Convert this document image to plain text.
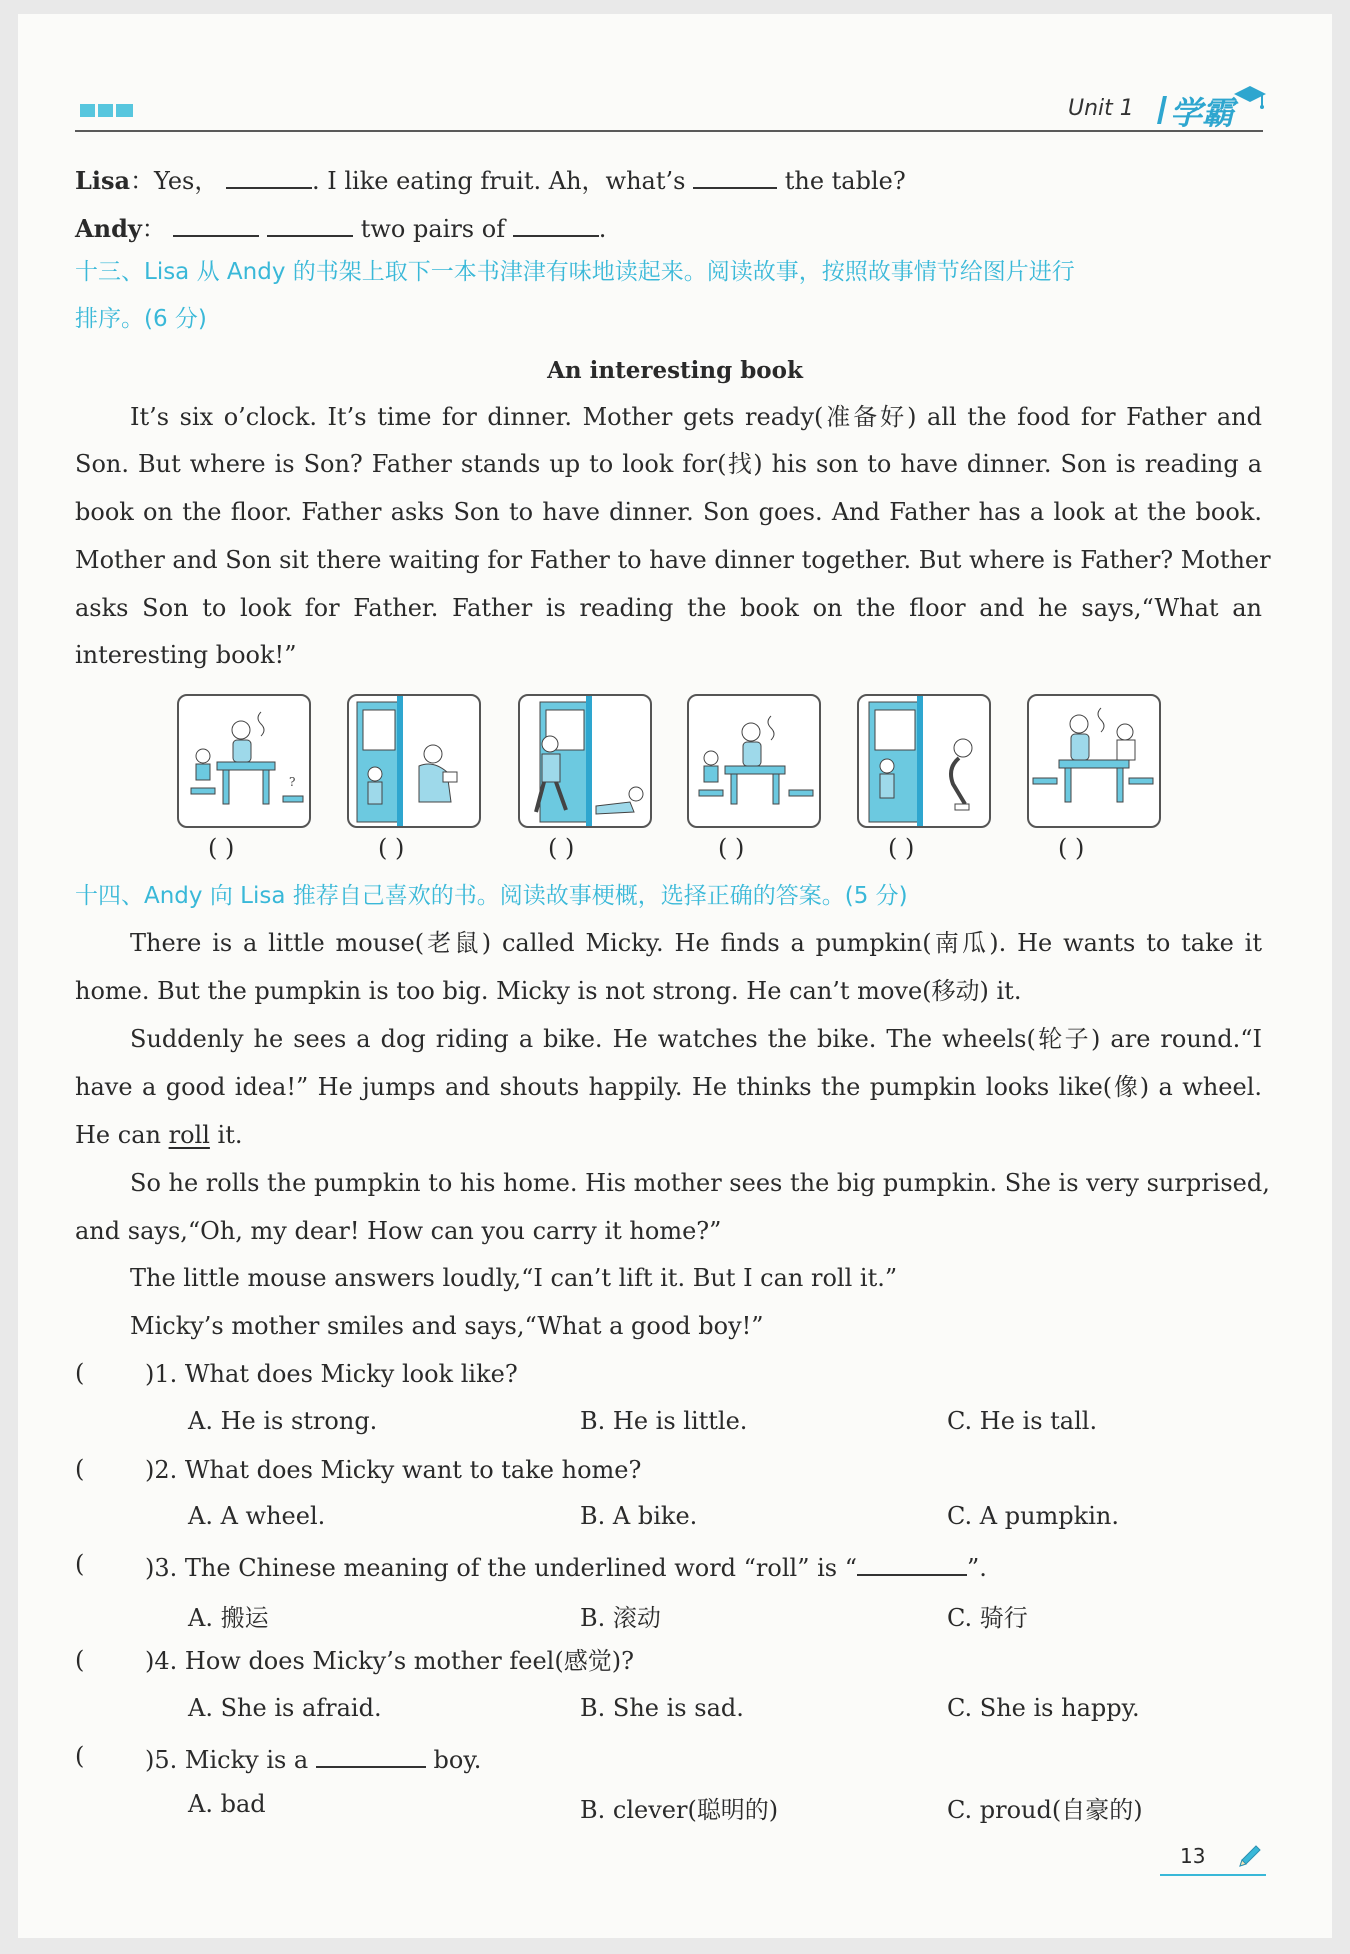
Unit 1 学霸
Lisa：Yes，	. I like eating fruit. Ah，what’s	the table?
Andy：	two pairs of	.
十三、Lisa 从 Andy 的书架上取下一本书津津有味地读起来。阅读故事，按照故事情节给图片进行
排序。(6 分)
An interesting book
It’s six o’clock. It’s time for dinner. Mother gets ready(准备好) all the food for Father and
Son. But where is Son? Father stands up to look for(找) his son to have dinner. Son is reading a
book on the floor. Father asks Son to have dinner. Son goes. And Father has a look at the book.
Mother and Son sit there waiting for Father to have dinner together. But where is Father? Mother
asks Son to look for Father. Father is reading the book on the floor and he says,“What an
interesting book!”
?
( )	( )	( )	( )	( )	( )
十四、Andy 向 Lisa 推荐自己喜欢的书。阅读故事梗概，选择正确的答案。(5 分)
There is a little mouse(老鼠) called Micky. He finds a pumpkin(南瓜). He wants to take it
home. But the pumpkin is too big. Micky is not strong. He can’t move(移动) it.
Suddenly he sees a dog riding a bike. He watches the bike. The wheels(轮子) are round.“I
have a good idea!” He jumps and shouts happily. He thinks the pumpkin looks like(像) a wheel.
He can roll it.
So he rolls the pumpkin to his home. His mother sees the big pumpkin. She is very surprised,
and says,“Oh, my dear! How can you carry it home?”
The little mouse answers loudly,“I can’t lift it. But I can roll it.”
Micky’s mother smiles and says,“What a good boy!”
(	)1. What does Micky look like?
A. He is strong.	B. He is little.	C. He is tall.
(	)2. What does Micky want to take home?
A. A wheel.	B. A bike.	C. A pumpkin.
(	)3. The Chinese meaning of the underlined word “roll” is “	”.
A. 搬运	B. 滚动	C. 骑行
(	)4. How does Micky’s mother feel(感觉)?
A. She is afraid.	B. She is sad.	C. She is happy.
(	)5. Micky is a	boy.
A. bad	B. clever(聪明的)	C. proud(自豪的)
13
